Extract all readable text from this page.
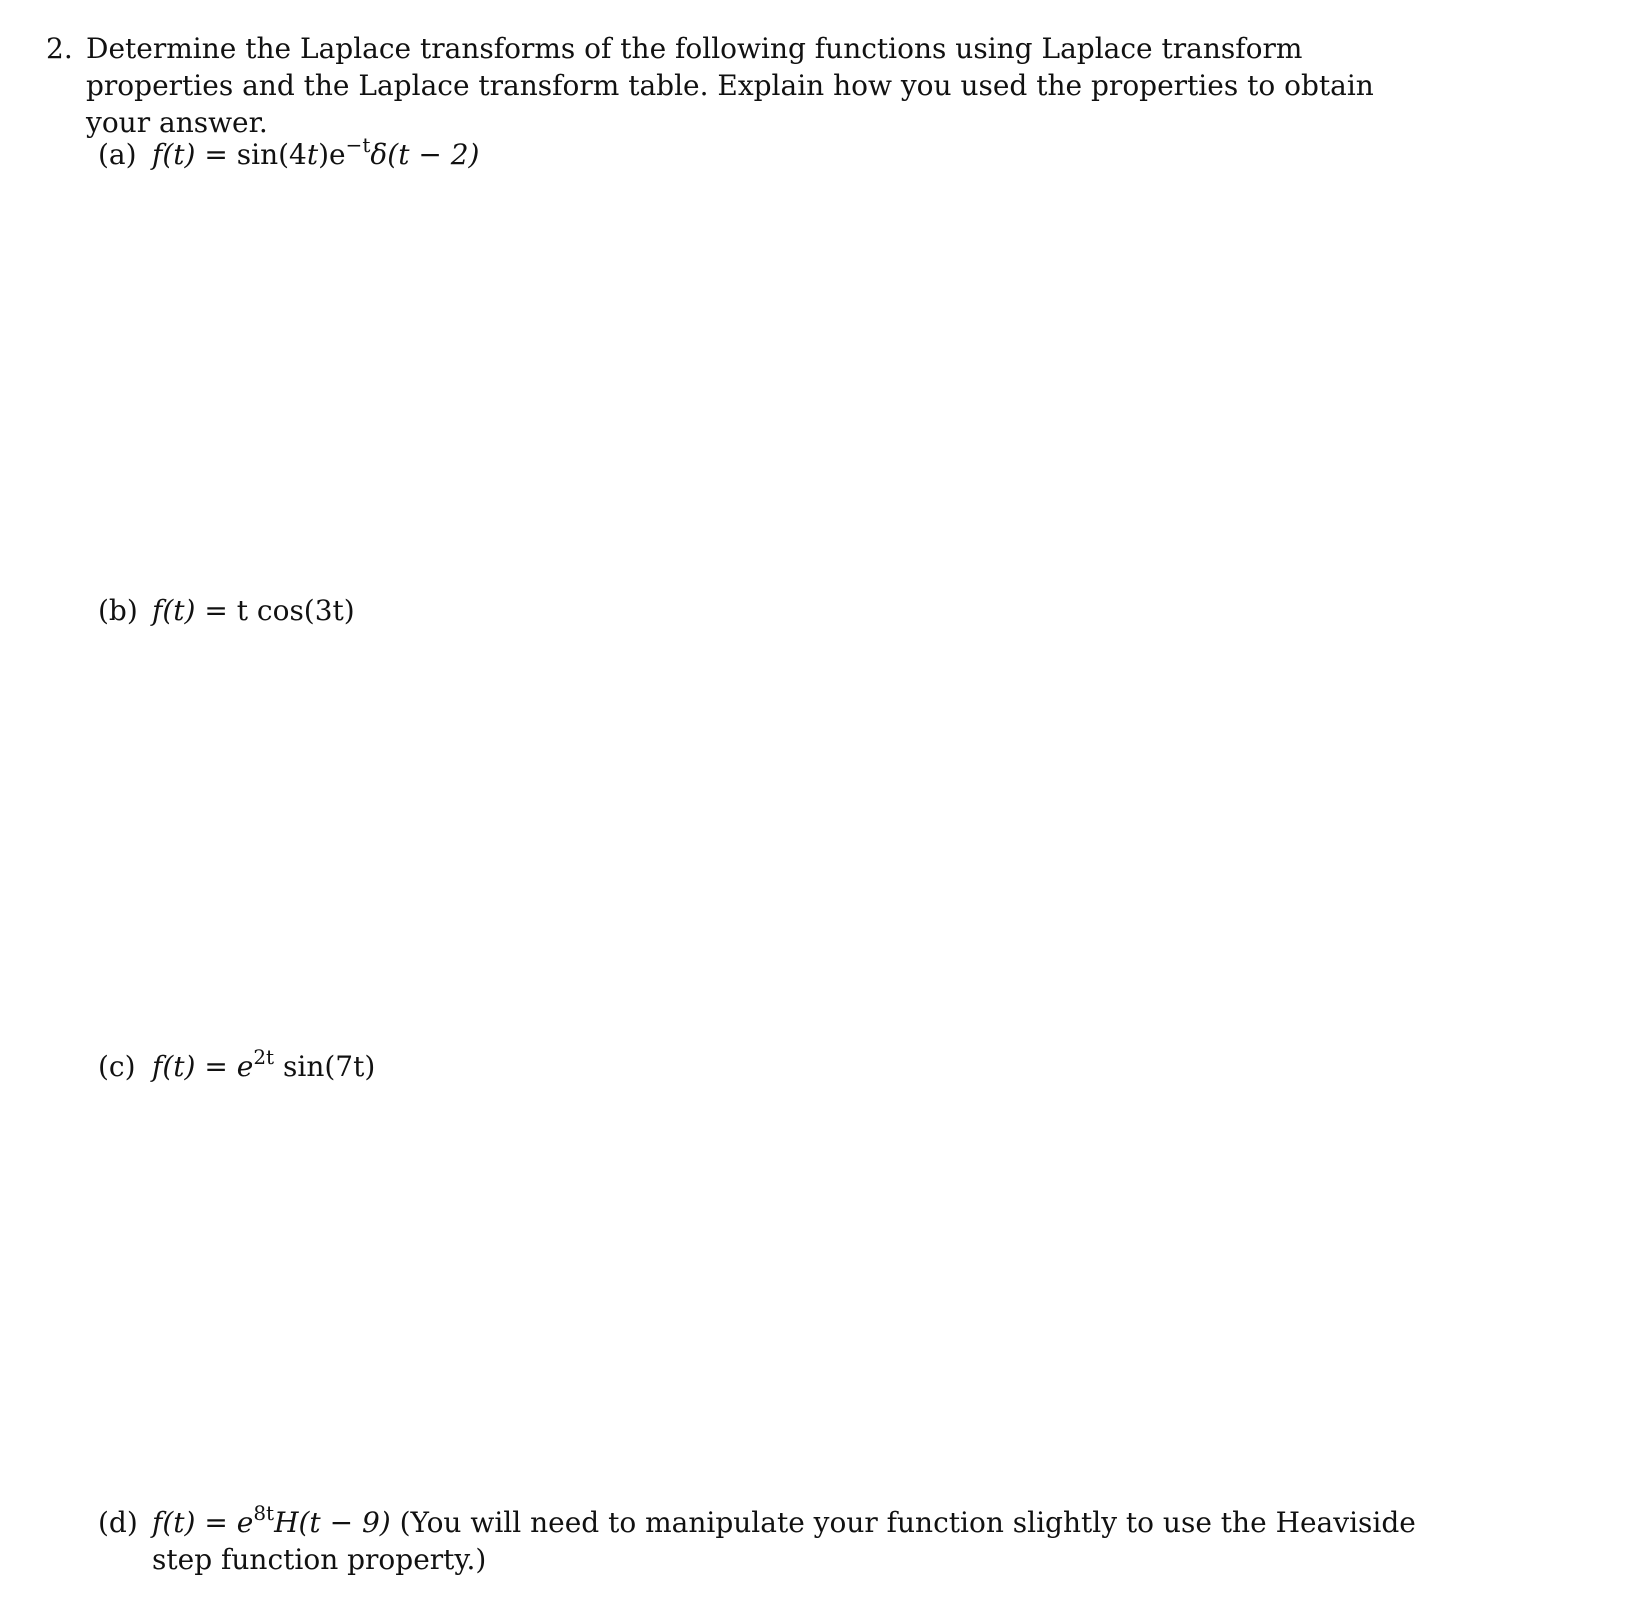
2. Determine the Laplace transforms of the following functions using Laplace transform properties and the Laplace transform table. Explain how you used the properties to obtain your answer.
(a) $f(t) = \sin(4t)e^{-t}\delta(t - 2)$
(b) f(t) = t cos(3t)
(c) $f(t) = e^{2t}$ sin(7t)
(d) $f(t) = e^{8t}H(t - 9)$ (You will need to manipulate your function slightly to use the Heaviside step function property.)
